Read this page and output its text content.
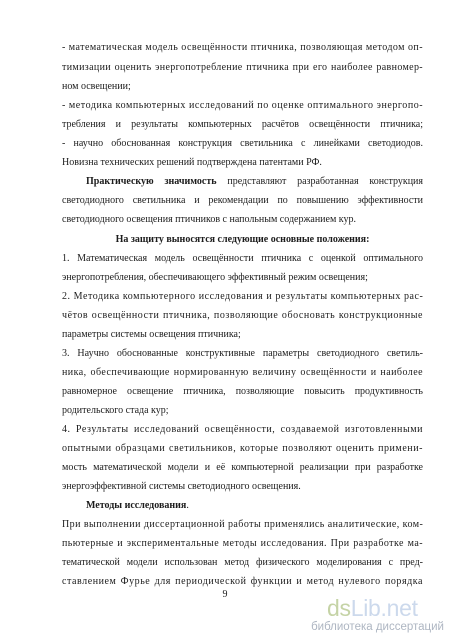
- математическая модель освещённости птичника, позволяющая методом оп-
тимизации оценить энергопотребление птичника при его наиболее равномер-
ном освещении;
- методика компьютерных исследований по оценке оптимального энергопо-
требления и результаты компьютерных расчётов освещённости птичника;
- научно обоснованная конструкция светильника с линейками светодиодов.
Новизна технических решений подтверждена патентами РФ.
Практическую значимость представляют разработанная конструкция
светодиодного светильника и рекомендации по повышению эффективности
светодиодного освещения птичников с напольным содержанием кур.
На защиту выносятся следующие основные положения:
1. Математическая модель освещённости птичника с оценкой оптимального
энергопотребления, обеспечивающего эффективный режим освещения;
2. Методика компьютерного исследования и результаты компьютерных рас-
чётов освещённости птичника, позволяющие обосновать конструкционные
параметры системы освещения птичника;
3. Научно обоснованные конструктивные параметры светодиодного светиль-
ника, обеспечивающие нормированную величину освещённости и наиболее
равномерное освещение птичника, позволяющие повысить продуктивность
родительского стада кур;
4. Результаты исследований освещённости, создаваемой изготовленными
опытными образцами светильников, которые позволяют оценить примени-
мость математической модели и её компьютерной реализации при разработке
энергоэффективной системы светодиодного освещения.
Методы исследования.
При выполнении диссертационной работы применялись аналитические, ком-
пьютерные и экспериментальные методы исследования. При разработке ма-
тематической модели использован метод физического моделирования с пред-
ставлением Фурье для периодической функции и метод нулевого порядка
9
dsLib.net
библиотека диссертаций
